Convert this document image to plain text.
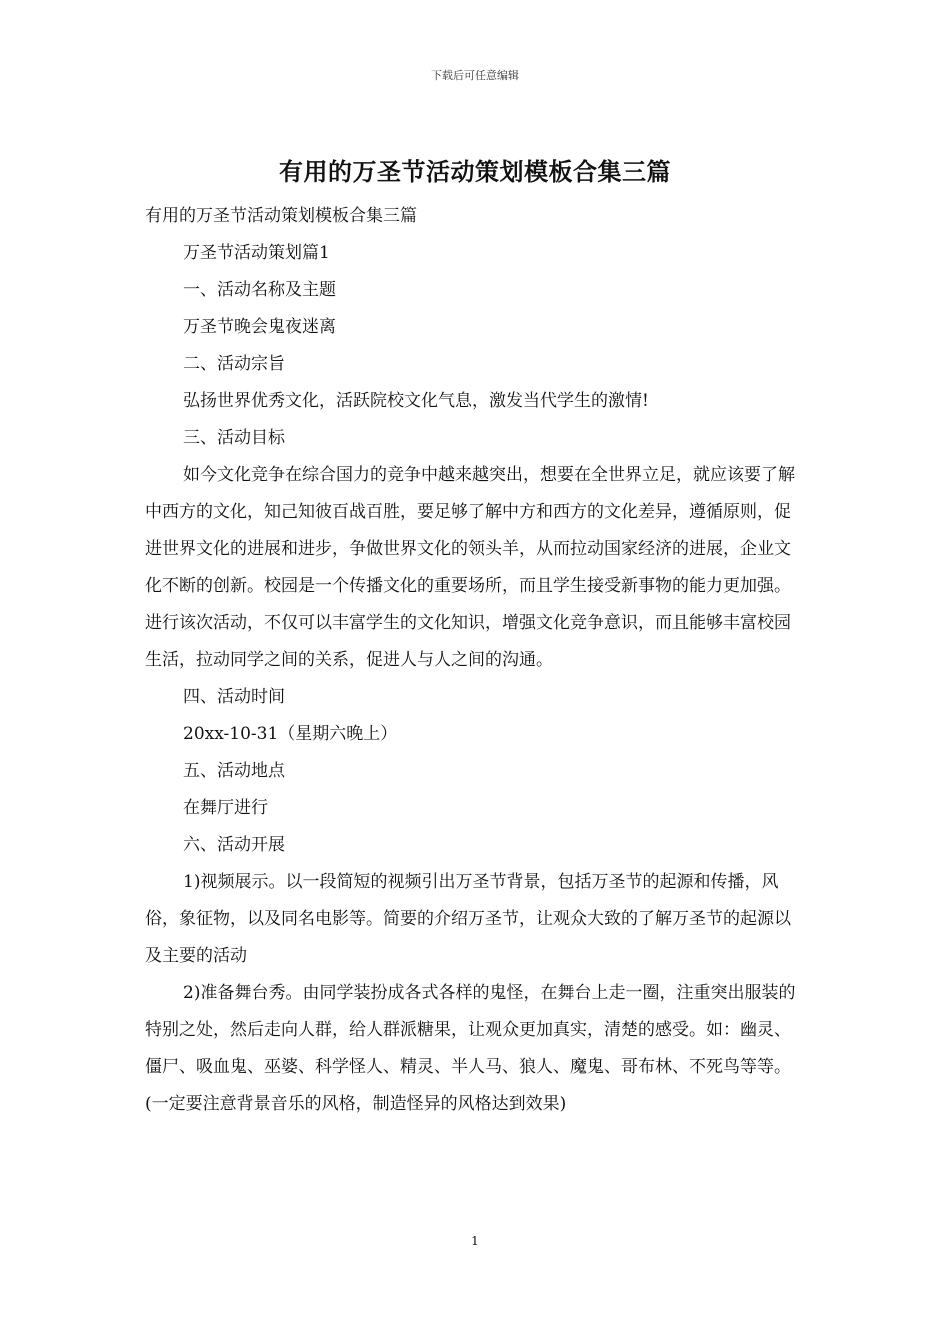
下载后可任意编辑
有用的万圣节活动策划模板合集三篇

有用的万圣节活动策划模板合集三篇

万圣节活动策划篇1

一、活动名称及主题

万圣节晚会鬼夜迷离

二、活动宗旨

弘扬世界优秀文化，活跃院校文化气息，激发当代学生的激情!

三、活动目标

如今文化竞争在综合国力的竞争中越来越突出，想要在全世界立足，就应该要了解中西方的文化，知己知彼百战百胜，要足够了解中方和西方的文化差异，遵循原则，促进世界文化的进展和进步，争做世界文化的领头羊，从而拉动国家经济的进展，企业文化不断的创新。校园是一个传播文化的重要场所，而且学生接受新事物的能力更加强。进行该次活动，不仅可以丰富学生的文化知识，增强文化竞争意识，而且能够丰富校园生活，拉动同学之间的关系，促进人与人之间的沟通。

四、活动时间

20xx-10-31（星期六晚上）

五、活动地点

在舞厅进行

六、活动开展

1)视频展示。以一段简短的视频引出万圣节背景，包括万圣节的起源和传播，风俗，象征物，以及同名电影等。简要的介绍万圣节，让观众大致的了解万圣节的起源以及主要的活动

2)准备舞台秀。由同学装扮成各式各样的鬼怪，在舞台上走一圈，注重突出服装的特别之处，然后走向人群，给人群派糖果，让观众更加真实，清楚的感受。如：幽灵、僵尸、吸血鬼、巫婆、科学怪人、精灵、半人马、狼人、魔鬼、哥布林、不死鸟等等。(一定要注意背景音乐的风格，制造怪异的风格达到效果)

1
